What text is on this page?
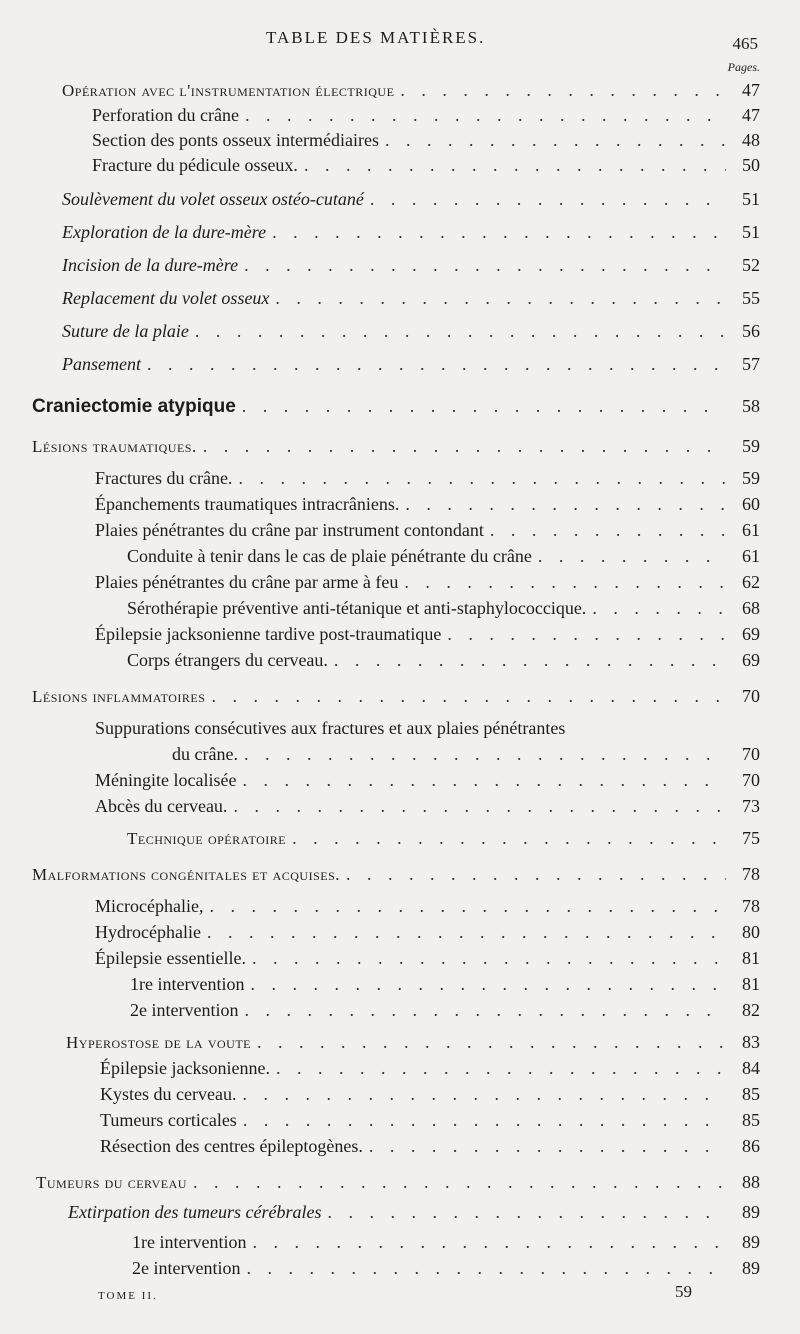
TABLE DES MATIÈRES.	465
Pages.
Opération avec l'instrumentation électrique . . .	47
Perforation du crâne . . .	47
Section des ponts osseux intermédiaires . . .	48
Fracture du pédicule osseux. . . .	50
Soulèvement du volet osseux ostéo-cutané . . .	51
Exploration de la dure-mère . . .	51
Incision de la dure-mère . . .	52
Replacement du volet osseux . . .	55
Suture de la plaie . . .	56
Pansement . . .	57
Craniectomie atypique . . .	58
Lésions traumatiques. . . .	59
Fractures du crâne. . . .	59
Épanchements traumatiques intracrâniens. . . .	60
Plaies pénétrantes du crâne par instrument contondant . . .	61
Conduite à tenir dans le cas de plaie pénétrante du crâne . . .	61
Plaies pénétrantes du crâne par arme à feu . . .	62
Sérothérapie préventive anti-tétanique et anti-staphylococcique. . . .	68
Épilepsie jacksonienne tardive post-traumatique . . .	69
Corps étrangers du cerveau. . . .	69
Lésions inflammatoires . . .	70
Suppurations consécutives aux fractures et aux plaies pénétrantes
du crâne. . . .	70
Méningite localisée . . .	70
Abcès du cerveau. . . .	73
Technique opératoire . . .	75
Malformations congénitales et acquises. . . .	78
Microcéphalie, . . .	78
Hydrocéphalie . . .	80
Épilepsie essentielle. . . .	81
1re intervention . . .	81
2e intervention . . .	82
Hyperostose de la voute . . .	83
Épilepsie jacksonienne. . . .	84
Kystes du cerveau. . . .	85
Tumeurs corticales . . .	85
Résection des centres épileptogènes. . . .	86
Tumeurs du cerveau . . .	88
Extirpation des tumeurs cérébrales . . .	89
1re intervention . . .	89
2e intervention . . .	89
TOME II.	59
